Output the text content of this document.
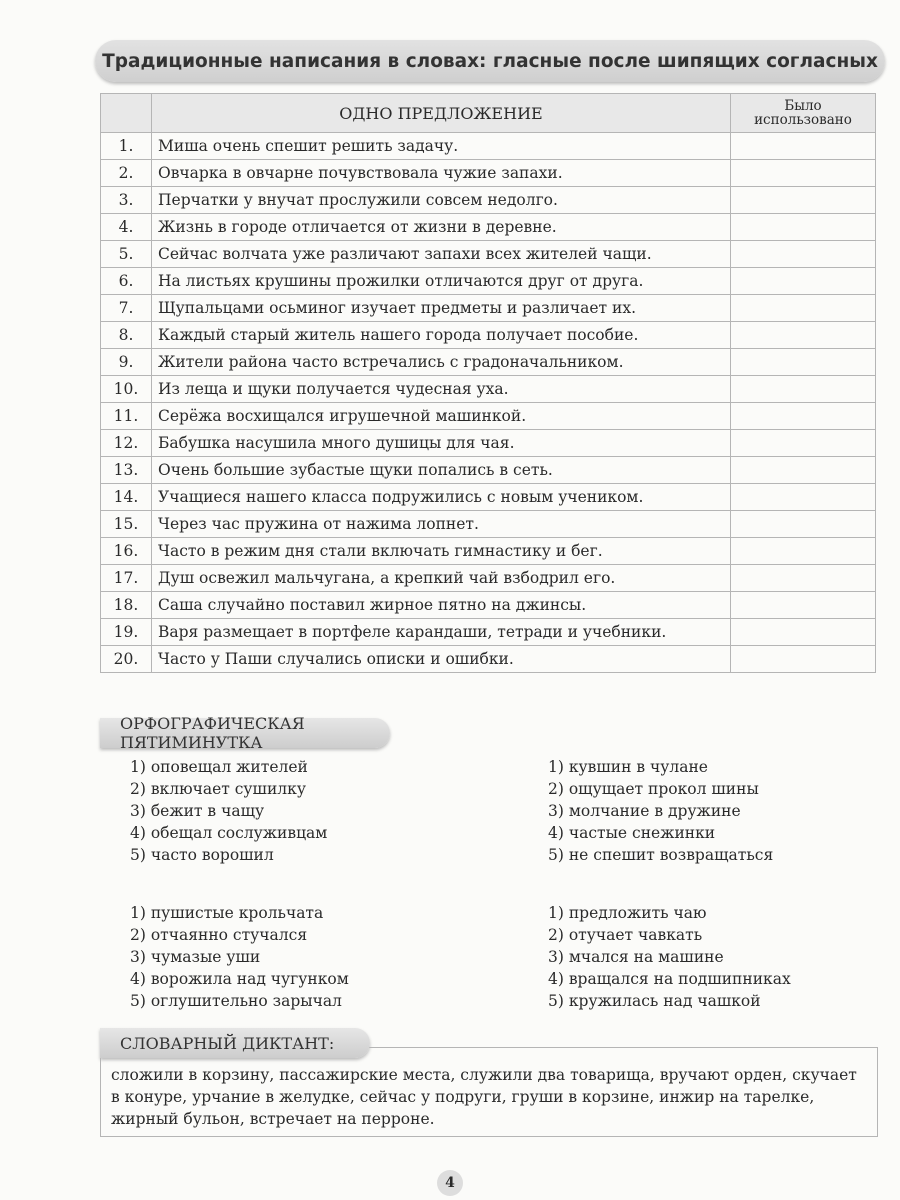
Традиционные написания в словах: гласные после шипящих согласных
	ОДНО ПРЕДЛОЖЕНИЕ	Было использовано
1.	Миша очень спешит решить задачу.	
2.	Овчарка в овчарне почувствовала чужие запахи.	
3.	Перчатки у внучат прослужили совсем недолго.	
4.	Жизнь в городе отличается от жизни в деревне.	
5.	Сейчас волчата уже различают запахи всех жителей чащи.	
6.	На листьях крушины прожилки отличаются друг от друга.	
7.	Щупальцами осьминог изучает предметы и различает их.	
8.	Каждый старый житель нашего города получает пособие.	
9.	Жители района часто встречались с градоначальником.	
10.	Из леща и щуки получается чудесная уха.	
11.	Серёжа восхищался игрушечной машинкой.	
12.	Бабушка насушила много душицы для чая.	
13.	Очень большие зубастые щуки попались в сеть.	
14.	Учащиеся нашего класса подружились с новым учеником.	
15.	Через час пружина от нажима лопнет.	
16.	Часто в режим дня стали включать гимнастику и бег.	
17.	Душ освежил мальчугана, а крепкий чай взбодрил его.	
18.	Саша случайно поставил жирное пятно на джинсы.	
19.	Варя размещает в портфеле карандаши, тетради и учебники.	
20.	Часто у Паши случались описки и ошибки.	
ОРФОГРАФИЧЕСКАЯ ПЯТИМИНУТКА
1) оповещал жителей
2) включает сушилку
3) бежит в чащу
4) обещал сослуживцам
5) часто ворошил
1) кувшин в чулане
2) ощущает прокол шины
3) молчание в дружине
4) частые снежинки
5) не спешит возвращаться
1) пушистые крольчата
2) отчаянно стучался
3) чумазые уши
4) ворожила над чугунком
5) оглушительно зарычал
1) предложить чаю
2) отучает чавкать
3) мчался на машине
4) вращался на подшипниках
5) кружилась над чашкой
сложили в корзину, пассажирские места, служили два товарища, вручают орден, скучает в конуре, урчание в желудке, сейчас у подруги, груши в корзине, инжир на тарелке, жирный бульон, встречает на перроне.
СЛОВАРНЫЙ ДИКТАНТ:
4
